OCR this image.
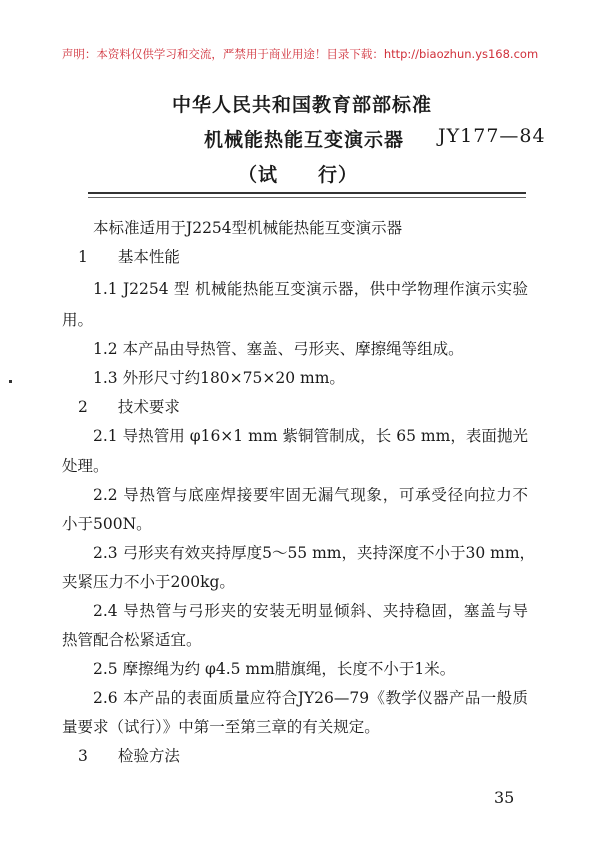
声明：本资料仅供学习和交流，严禁用于商业用途！目录下载：http://biaozhun.ys168.com
中华人民共和国教育部部标准
机械能热能互变演示器 JY177—84
（试　　行）
本标准适用于J2254型机械能热能互变演示器
1 基本性能
1.1 J2254 型 机械能热能互变演示器，供中学物理作演示实验
用。
1.2 本产品由导热管、塞盖、弓形夹、摩擦绳等组成。
1.3 外形尺寸约180×75×20 mm。
2 技术要求
2.1 导热管用 φ16×1 mm 紫铜管制成，长 65 mm，表面抛光
处理。
2.2 导热管与底座焊接要牢固无漏气现象，可承受径向拉力不
小于500N。
2.3 弓形夹有效夹持厚度5～55 mm，夹持深度不小于30 mm，
夹紧压力不小于200kg。
2.4 导热管与弓形夹的安装无明显倾斜、夹持稳固，塞盖与导
热管配合松紧适宜。
2.5 摩擦绳为约 φ4.5 mm腊旗绳，长度不小于1米。
2.6 本产品的表面质量应符合JY26—79《教学仪器产品一般质
量要求（试行）》中第一至第三章的有关规定。
3 检验方法
35
